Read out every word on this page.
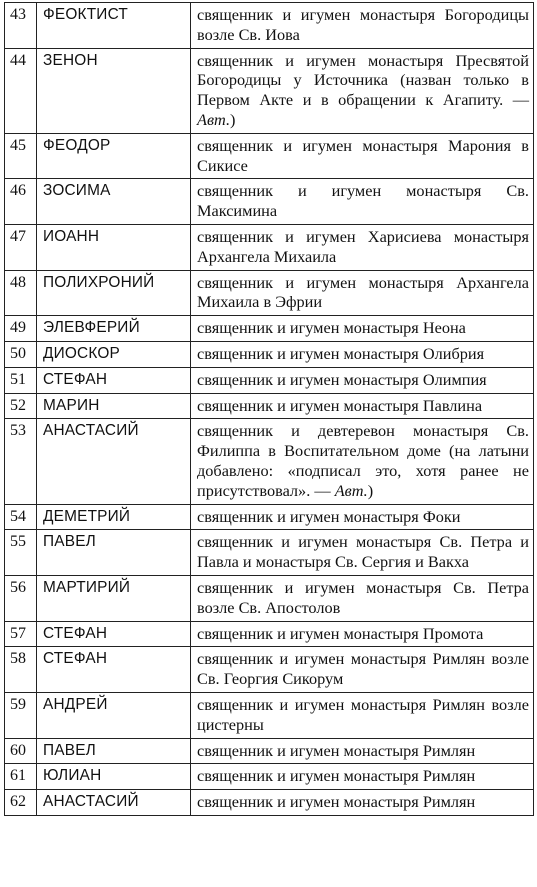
43	ФЕОКТИСТ	священник и игумен монастыря Богородицы возле Св. Иова
44	ЗЕНОН	священник и игумен монастыря Пресвятой Богородицы у Источника (назван только в Первом Акте и в обращении к Агапиту. — Авт.)
45	ФЕОДОР	священник и игумен монастыря Марония в Сикисе
46	ЗОСИМА	священник и игумен монастыря Св. Максимина
47	ИОАНН	священник и игумен Харисиева монастыря Архангела Михаила
48	ПОЛИХРОНИЙ	священник и игумен монастыря Архангела Михаила в Эфрии
49	ЭЛЕВФЕРИЙ	священник и игумен монастыря Неона
50	ДИОСКОР	священник и игумен монастыря Олибрия
51	СТЕФАН	священник и игумен монастыря Олимпия
52	МАРИН	священник и игумен монастыря Павлина
53	АНАСТАСИЙ	священник и девтеревон монастыря Св. Филиппа в Воспитательном доме (на латыни добавлено: «подписал это, хотя ранее не присутствовал». — Авт.)
54	ДЕМЕТРИЙ	священник и игумен монастыря Фоки
55	ПАВЕЛ	священник и игумен монастыря Св. Петра и Павла и монастыря Св. Сергия и Вакха
56	МАРТИРИЙ	священник и игумен монастыря Св. Петра возле Св. Апостолов
57	СТЕФАН	священник и игумен монастыря Промота
58	СТЕФАН	священник и игумен монастыря Римлян возле Св. Георгия Сикорум
59	АНДРЕЙ	священник и игумен монастыря Римлян возле цистерны
60	ПАВЕЛ	священник и игумен монастыря Римлян
61	ЮЛИАН	священник и игумен монастыря Римлян
62	АНАСТАСИЙ	священник и игумен монастыря Римлян
